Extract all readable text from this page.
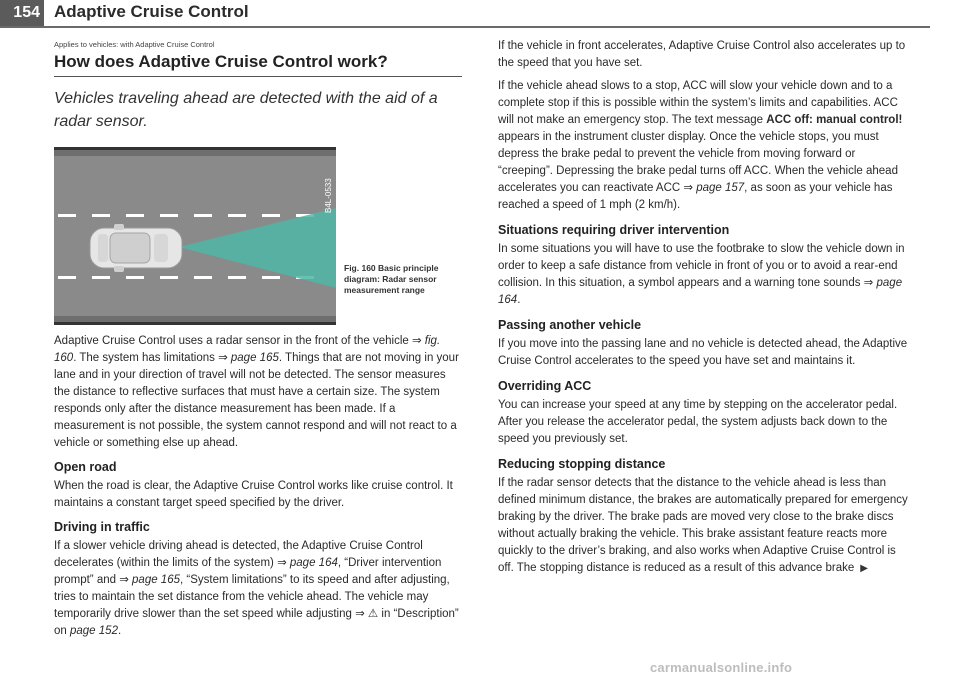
154 Adaptive Cruise Control
Applies to vehicles: with Adaptive Cruise Control
How does Adaptive Cruise Control work?
Vehicles traveling ahead are detected with the aid of a radar sensor.
B4L-0533
Fig. 160 Basic principle diagram: Radar sensor measurement range

Adaptive Cruise Control uses a radar sensor in the front of the vehicle ⇒ fig. 160. The system has limitations ⇒ page 165. Things that are not moving in your lane and in your direction of travel will not be detected. The sensor measures the distance to reflective surfaces that must have a certain size. The system responds only after the distance measurement has been made. If a measurement is not possible, the system cannot respond and will not react to a vehicle or something else up ahead.

Open road

When the road is clear, the Adaptive Cruise Control works like cruise control. It maintains a constant target speed specified by the driver.

Driving in traffic

If a slower vehicle driving ahead is detected, the Adaptive Cruise Control decelerates (within the limits of the system) ⇒ page 164, “Driver intervention prompt” and ⇒ page 165, “System limitations” to its speed and after adjusting, tries to maintain the set distance from the vehicle ahead. The vehicle may temporarily drive slower than the set speed while adjusting ⇒ ⚠ in “Description” on page 152.

If the vehicle in front accelerates, Adaptive Cruise Control also accelerates up to the speed that you have set.

If the vehicle ahead slows to a stop, ACC will slow your vehicle down and to a complete stop if this is possible within the system’s limits and capabilities. ACC will not make an emergency stop. The text message ACC off: manual control! appears in the instrument cluster display. Once the vehicle stops, you must depress the brake pedal to prevent the vehicle from moving forward or “creeping”. Depressing the brake pedal turns off ACC. When the vehicle ahead accelerates you can reactivate ACC ⇒ page 157, as soon as your vehicle has reached a speed of 1 mph (2 km/h).

Situations requiring driver intervention

In some situations you will have to use the footbrake to slow the vehicle down in order to keep a safe distance from vehicle in front of you or to avoid a rear-end collision. In this situation, a symbol appears and a warning tone sounds ⇒ page 164.

Passing another vehicle

If you move into the passing lane and no vehicle is detected ahead, the Adaptive Cruise Control accelerates to the speed you have set and maintains it.

Overriding ACC

You can increase your speed at any time by stepping on the accelerator pedal. After you release the accelerator pedal, the system adjusts back down to the speed you previously set.

Reducing stopping distance

If the radar sensor detects that the distance to the vehicle ahead is less than defined minimum distance, the brakes are automatically prepared for emergency braking by the driver. The brake pads are moved very close to the brake discs without actually braking the vehicle. This brake assistant feature reacts more quickly to the driver’s braking, and also works when Adaptive Cruise Control is off. The stopping distance is reduced as a result of this advance brake ▶

carmanualsonline.info
